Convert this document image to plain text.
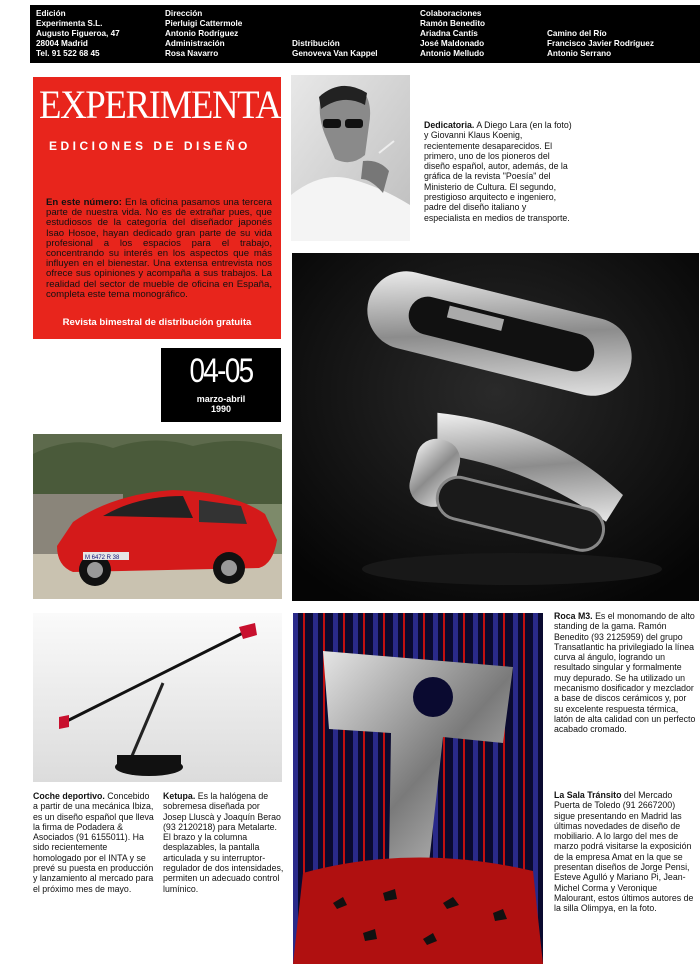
Edición
Experimenta S.L.
Augusto Figueroa, 47
28004 Madrid
Tel. 91 522 68 45
Dirección
Pierluigi Cattermole
Antonio Rodríguez
Administración
Rosa Navarro
Distribución
Genoveva Van Kappel
Colaboraciones
Ramón Benedito
Ariadna Cantís
José Maldonado
Antonio Melludo
Camino del Río
Francisco Javier Rodríguez
Antonio Serrano
EXPERIMENTA
EDICIONES DE DISEÑO
En este número: En la oficina pasamos una tercera parte de nuestra vida. No es de extrañar pues, que estudiosos de la categoría del diseñador japonés Isao Hosoe, hayan dedicado gran parte de su vida profesional a los espacios para el trabajo, concentrando su interés en los aspectos que más influyen en el bienestar. Una extensa entrevista nos ofrece sus opiniones y acompaña a sus trabajos. La realidad del sector de mueble de oficina en España, completa este tema monográfico.
Revista bimestral de distribución gratuita
04-05
marzo-abril
1990
Dedicatoria. A Diego Lara (en la foto) y Giovanni Klaus Koenig, recientemente desaparecidos. El primero, uno de los pioneros del diseño español, autor, además, de la gráfica de la revista "Poesía" del Ministerio de Cultura. El segundo, prestigioso arquitecto e ingeniero, padre del diseño italiano y especialista en medios de transporte.
M 6472 R 38
Roca M3. Es el monomando de alto standing de la gama. Ramón Benedito (93 2125959) del grupo Transatlantic ha privilegiado la línea curva al ángulo, logrando un resultado singular y formalmente muy depurado. Se ha utilizado un mecanismo dosificador y mezclador a base de discos cerámicos y, por su excelente respuesta térmica, latón de alta calidad con un perfecto acabado cromado.
Coche deportivo. Concebido a partir de una mecánica Ibiza, es un diseño español que lleva la firma de Podadera & Asociados (91 6155011). Ha sido recientemente homologado por el INTA y se prevé su puesta en producción y lanzamiento al mercado para el próximo mes de mayo.
Ketupa. Es la halógena de sobremesa diseñada por Josep Lluscà y Joaquín Berao (93 2120218) para Metalarte. El brazo y la columna desplazables, la pantalla articulada y su interruptor-regulador de dos intensidades, permiten un adecuado control lumínico.
La Sala Tránsito del Mercado Puerta de Toledo (91 2667200) sigue presentando en Madrid las últimas novedades de diseño de mobiliario. A lo largo del mes de marzo podrá visitarse la exposición de la empresa Amat en la que se presentan diseños de Jorge Pensi, Esteve Agulló y Mariano Pi, Jean-Michel Corma y Veronique Malourant, estos últimos autores de la silla Olimpya, en la foto.
